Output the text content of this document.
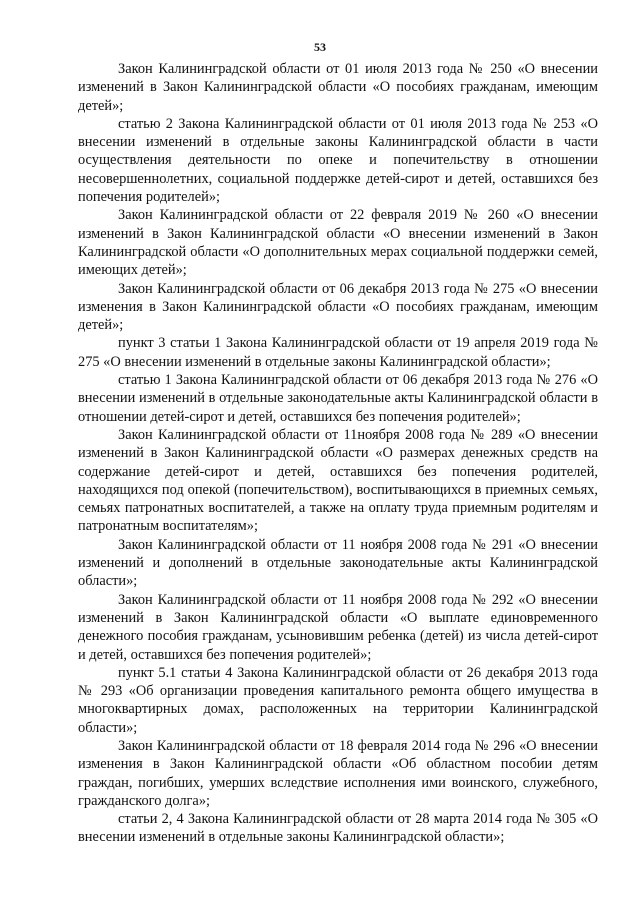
53

Закон Калининградской области от 01 июля 2013 года № 250 «О внесении изменений в Закон Калининградской области «О пособиях гражданам, имеющим детей»;

статью 2 Закона Калининградской области от 01 июля 2013 года № 253 «О внесении изменений в отдельные законы Калининградской области в части осуществления деятельности по опеке и попечительству в отношении несовершеннолетних, социальной поддержке детей-сирот и детей, оставшихся без попечения родителей»;

Закон Калининградской области от 22 февраля 2019 № 260 «О внесении изменений в Закон Калининградской области «О внесении изменений в Закон Калининградской области «О дополнительных мерах социальной поддержки семей, имеющих детей»;

Закон Калининградской области от 06 декабря 2013 года № 275 «О внесении изменения в Закон Калининградской области «О пособиях гражданам, имеющим детей»;

пункт 3 статьи 1 Закона Калининградской области от 19 апреля 2019 года № 275 «О внесении изменений в отдельные законы Калининградской области»;

статью 1 Закона Калининградской области от 06 декабря 2013 года № 276 «О внесении изменений в отдельные законодательные акты Калининградской области в отношении детей-сирот и детей, оставшихся без попечения родителей»;

Закон Калининградской области от 11ноября 2008 года № 289 «О внесении изменений в Закон Калининградской области «О размерах денежных средств на содержание детей-сирот и детей, оставшихся без попечения родителей, находящихся под опекой (попечительством), воспитывающихся в приемных семьях, семьях патронатных воспитателей, а также на оплату труда приемным родителям и патронатным воспитателям»;

Закон Калининградской области от 11 ноября 2008 года № 291 «О внесении изменений и дополнений в отдельные законодательные акты Калининградской области»;

Закон Калининградской области от 11 ноября 2008 года № 292 «О внесении изменений в Закон Калининградской области «О выплате единовременного денежного пособия гражданам, усыновившим ребенка (детей) из числа детей-сирот и детей, оставшихся без попечения родителей»;

пункт 5.1 статьи 4 Закона Калининградской области от 26 декабря 2013 года № 293 «Об организации проведения капитального ремонта общего имущества в многоквартирных домах, расположенных на территории Калининградской области»;

Закон Калининградской области от 18 февраля 2014 года № 296 «О внесении изменения в Закон Калининградской области «Об областном пособии детям граждан, погибших, умерших вследствие исполнения ими воинского, служебного, гражданского долга»;

статьи 2, 4 Закона Калининградской области от 28 марта 2014 года № 305 «О внесении изменений в отдельные законы Калининградской области»;
